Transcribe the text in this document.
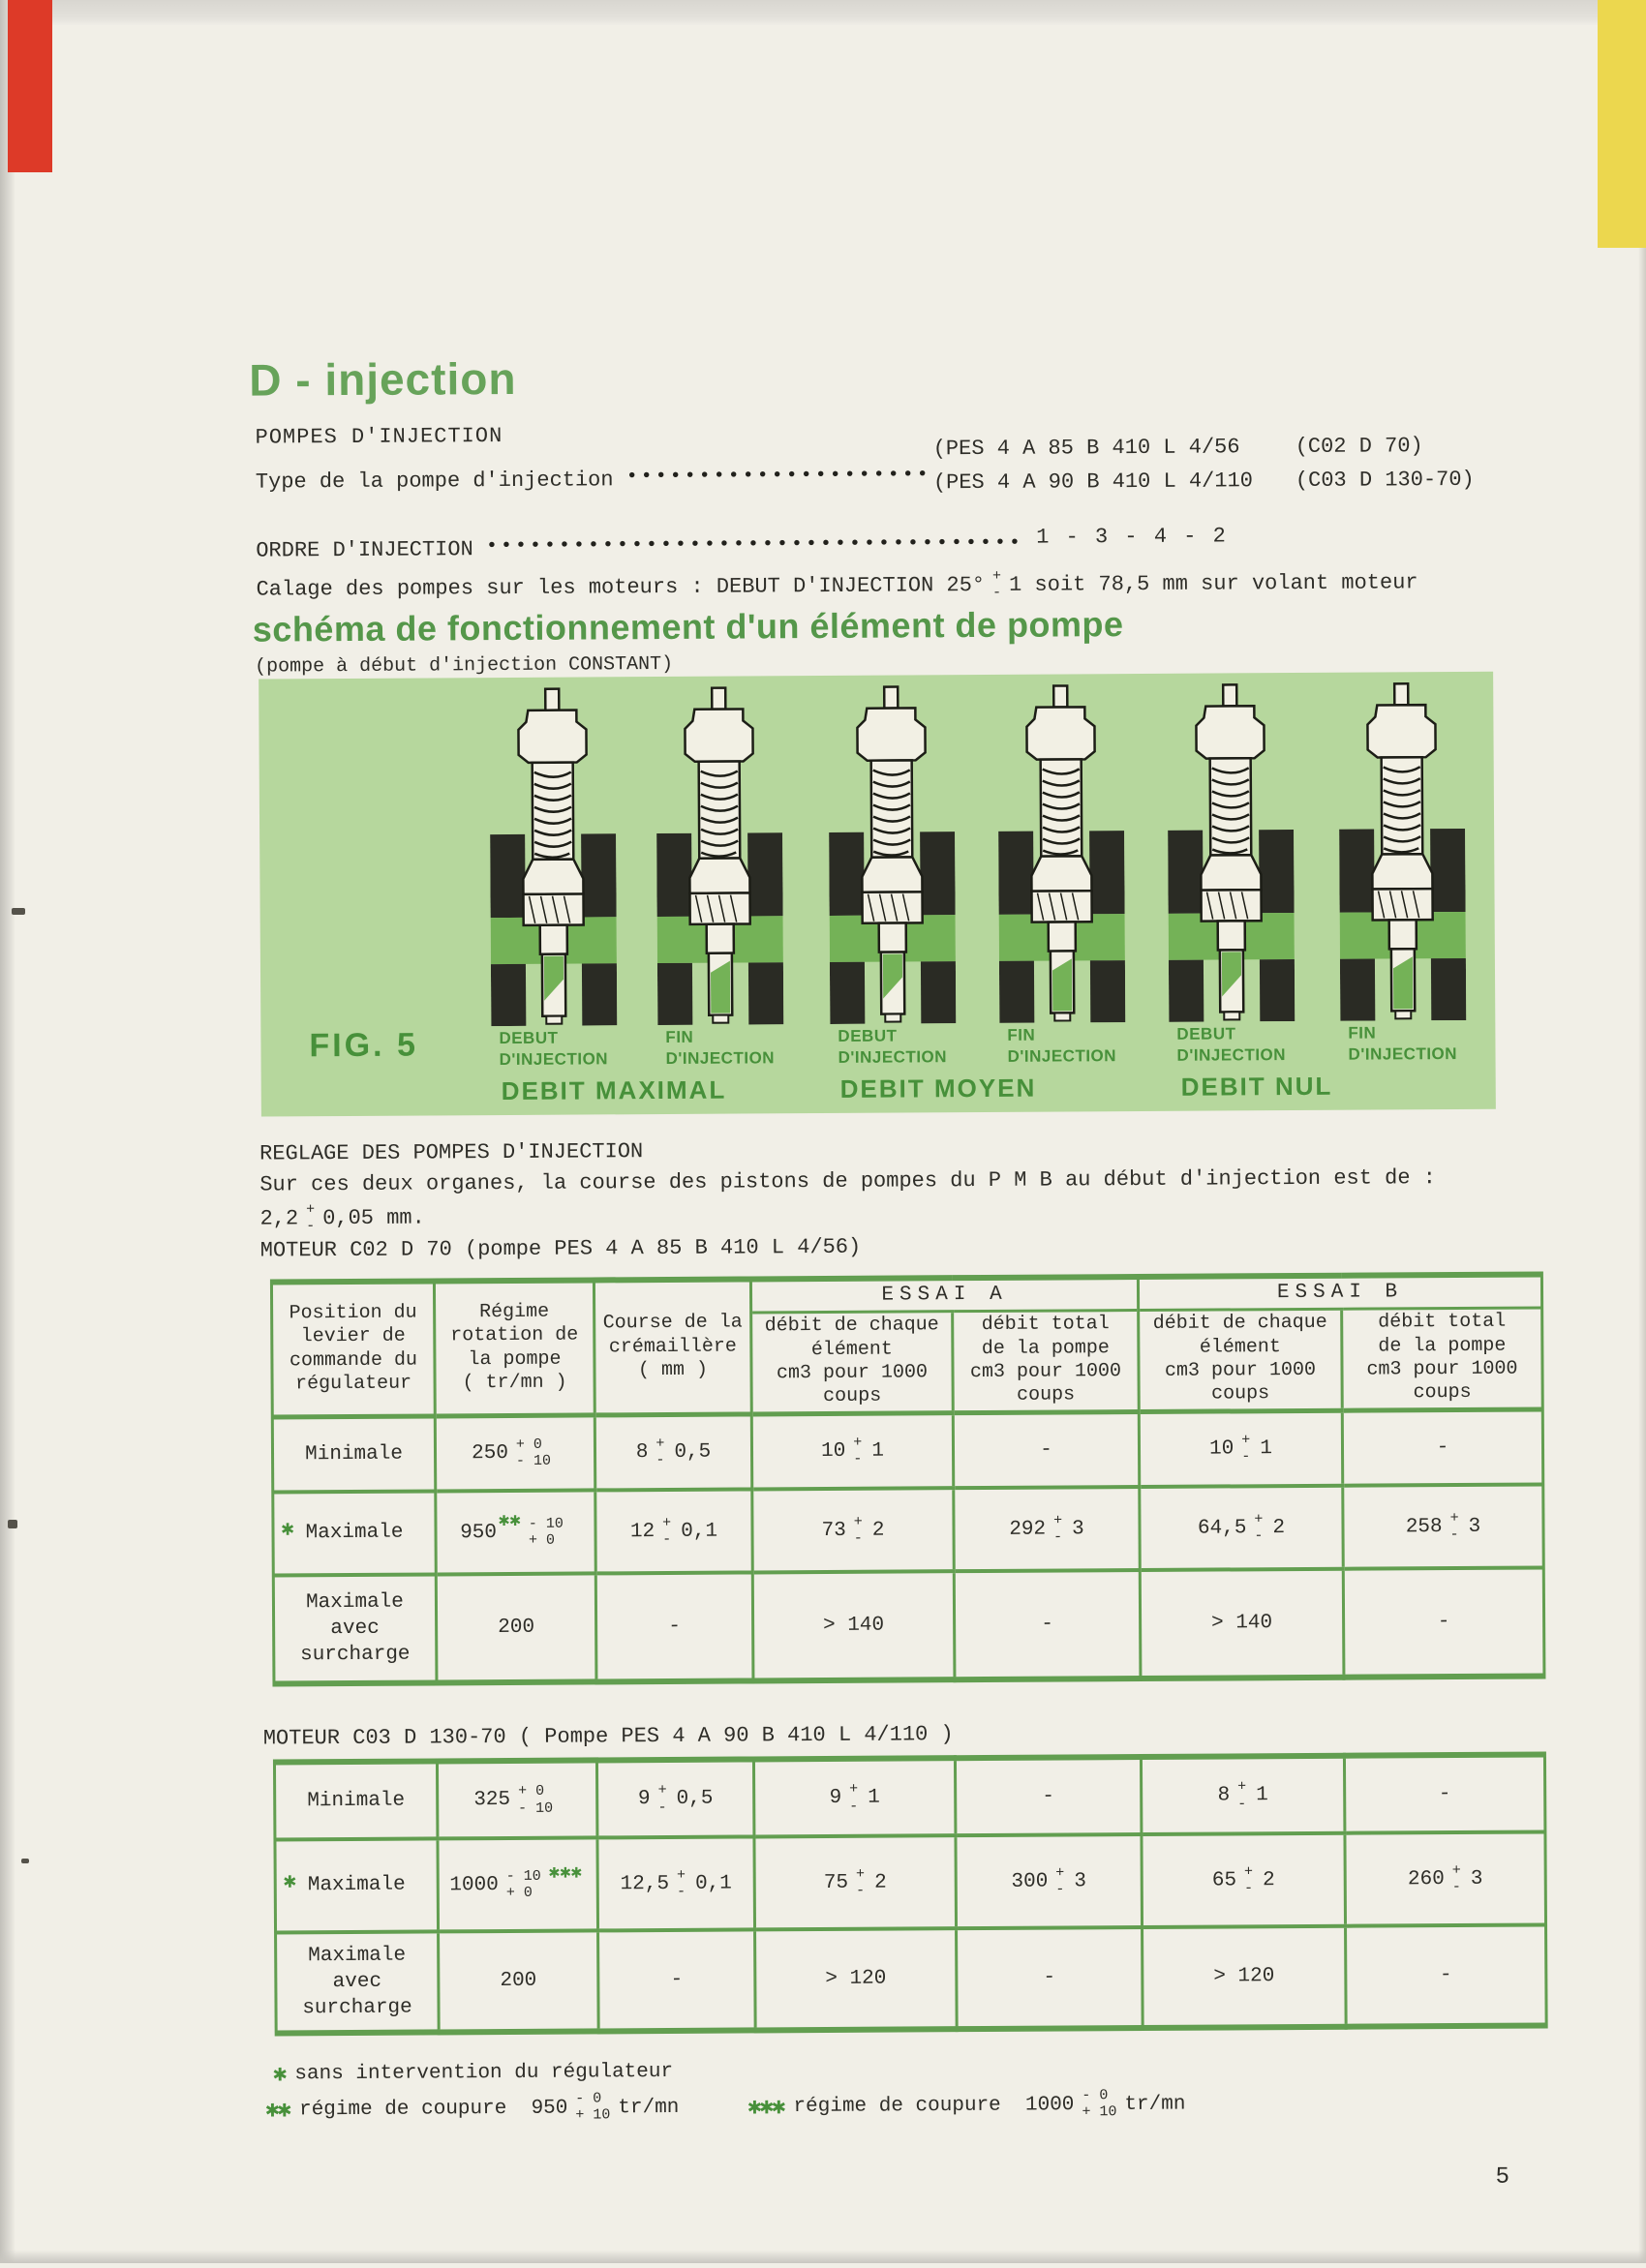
D - injection
POMPES D'INJECTION
Type de la pompe d'injection •••••••••••••••••••••
(PES 4 A 85 B 410 L 4/56	(C02 D 70)
(PES 4 A 90 B 410 L 4/110 (C03 D 130-70)
ORDRE D'INJECTION ••••••••••••••••••••••••••••••••••••• 1 - 3 - 4 - 2
Calage des pompes sur les moteurs : DEBUT D'INJECTION 25° +
- 1 soit 78,5 mm sur volant moteur
schéma de fonctionnement d'un élément de pompe
(pompe à début d'injection CONSTANT)
FIG. 5	DEBUT
D'INJECTION
FIN
D'INJECTION
DEBUT
D'INJECTION
FIN
D'INJECTION
DEBUT
D'INJECTION
FIN
D'INJECTION
DEBIT MAXIMAL	DEBIT MOYEN	DEBIT NUL
REGLAGE DES POMPES D'INJECTION
Sur ces deux organes, la course des pistons de pompes du P M B au début d'injection est de :
2,2 +
- 0,05 mm.
MOTEUR C02 D 70 (pompe PES 4 A 85 B 410 L 4/56)
Position du
levier de
commande du
régulateur	Régime
rotation de
la pompe
( tr/mn )	Course de la
crémaillère
( mm )	ESSAI A		ESSAI B	
			débit de chaque
élément
cm3 pour 1000
coups	débit total
de la pompe
cm3 pour 1000
coups	débit de chaque
élément
cm3 pour 1000
coups	débit total
de la pompe
cm3 pour 1000
coups
Minimale	250 + 0
- 10	8 +
- 0,5	10 +
- 1	-	10 +
- 1	-

✱ Maximale	950
✱✱ - 10
+ 0	12 +
- 0,1	73 +
- 2	292 +
- 3	64,5 +
- 2	258 +
- 3

Maximale
avec
surcharge	200	-	> 140	-	> 140	-
MOTEUR C03 D 130-70 ( Pompe PES 4 A 90 B 410 L 4/110 )
Minimale	325 + 0
- 10	9 +
- 0,5	9 +
- 1	-	8 +
- 1	-

✱ Maximale	1000 - 10
+ 0
✱✱✱	12,5 +
- 0,1	75 +
- 2	300 +
- 3	65 +
- 2	260 +
- 3

Maximale
avec
surcharge	200	-	> 120	-	> 120	-
✱ sans intervention du régulateur
✱✱ régime de coupure 950 - 0
+ 10 tr/mn	✱✱✱ régime de coupure 1000 - 0
+ 10 tr/mn
5
